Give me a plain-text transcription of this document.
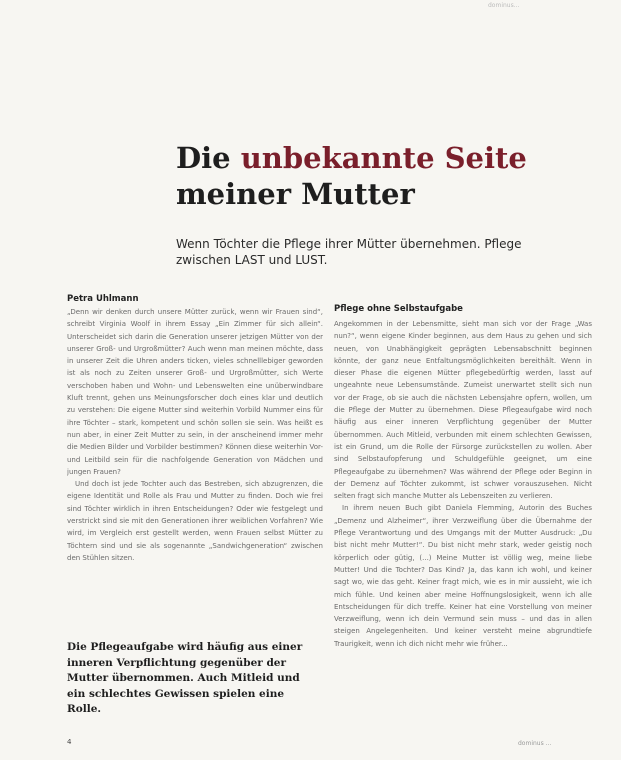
dominus...
Die unbekannte Seite
meiner Mutter

Wenn Töchter die Pflege ihrer Mütter übernehmen. Pflege zwischen LAST und LUST.

Petra Uhlmann

„Denn wir denken durch unsere Mütter zurück, wenn wir Frauen sind“, schreibt Virginia Woolf in ihrem Essay „Ein Zimmer für sich allein“. Unterscheidet sich darin die Generation unserer jetzigen Mütter von der unserer Groß- und Urgroßmütter? Auch wenn man meinen möchte, dass in unserer Zeit die Uhren anders ticken, vieles schnelllebiger geworden ist als noch zu Zeiten unserer Groß- und Urgroßmütter, sich Werte verschoben haben und Wohn- und Lebenswelten eine unüberwindbare Kluft trennt, gehen uns Meinungsforscher doch eines klar und deutlich zu verstehen: Die eigene Mutter sind weiterhin Vorbild Nummer eins für ihre Töchter – stark, kompetent und schön sollen sie sein. Was heißt es nun aber, in einer Zeit Mutter zu sein, in der anscheinend immer mehr die Medien Bilder und Vorbilder bestimmen? Können diese weiterhin Vor- und Leitbild sein für die nachfolgende Generation von Mädchen und jungen Frauen?

Und doch ist jede Tochter auch das Bestreben, sich abzugrenzen, die eigene Identität und Rolle als Frau und Mutter zu finden. Doch wie frei sind Töchter wirklich in ihren Entscheidungen? Oder wie festgelegt und verstrickt sind sie mit den Generationen ihrer weiblichen Vorfahren? Wie wird, im Vergleich erst gestellt werden, wenn Frauen selbst Mütter zu Töchtern sind und sie als sogenannte „Sandwichgeneration“ zwischen den Stühlen sitzen.

Pflege ohne Selbstaufgabe

Angekommen in der Lebensmitte, sieht man sich vor der Frage „Was nun?“, wenn eigene Kinder beginnen, aus dem Haus zu gehen und sich neuen, von Unabhängigkeit geprägten Lebensabschnitt beginnen könnte, der ganz neue Entfaltungsmöglichkeiten bereithält. Wenn in dieser Phase die eigenen Mütter pflegebedürftig werden, lasst auf ungeahnte neue Lebensumstände. Zumeist unerwartet stellt sich nun vor der Frage, ob sie auch die nächsten Lebensjahre opfern, wollen, um die Pflege der Mutter zu übernehmen. Diese Pflegeaufgabe wird noch häufig aus einer inneren Verpflichtung gegenüber der Mutter übernommen. Auch Mitleid, verbunden mit einem schlechten Gewissen, ist ein Grund, um die Rolle der Fürsorge zurückstellen zu wollen. Aber sind Selbstaufopferung und Schuldgefühle geeignet, um eine Pflegeaufgabe zu übernehmen? Was während der Pflege oder Beginn in der Demenz auf Töchter zukommt, ist schwer vorauszusehen. Nicht selten fragt sich manche Mutter als Lebenszeiten zu verlieren.

In ihrem neuen Buch gibt Daniela Flemming, Autorin des Buches „Demenz und Alzheimer“, ihrer Verzweiflung über die Übernahme der Pflege Verantwortung und des Umgangs mit der Mutter Ausdruck: „Du bist nicht mehr Mutter!“. Du bist nicht mehr stark, weder geistig noch körperlich oder gütig, (...) Meine Mutter ist völlig weg, meine liebe Mutter! Und die Tochter? Das Kind? Ja, das kann ich wohl, und keiner sagt wo, wie das geht. Keiner fragt mich, wie es in mir aussieht, wie ich mich fühle. Und keinen aber meine Hoffnungslosigkeit, wenn ich alle Entscheidungen für dich treffe. Keiner hat eine Vorstellung von meiner Verzweiflung, wenn ich dein Vermund sein muss – und das in allen steigen Angelegenheiten. Und keiner versteht meine abgrundtiefe Traurigkeit, wenn ich dich nicht mehr wie früher...

Die Pflegeaufgabe wird häufig aus einer inneren Verpflichtung gegenüber der Mutter übernommen. Auch Mitleid und ein schlechtes Gewissen spielen eine Rolle.

4	dominus ...
